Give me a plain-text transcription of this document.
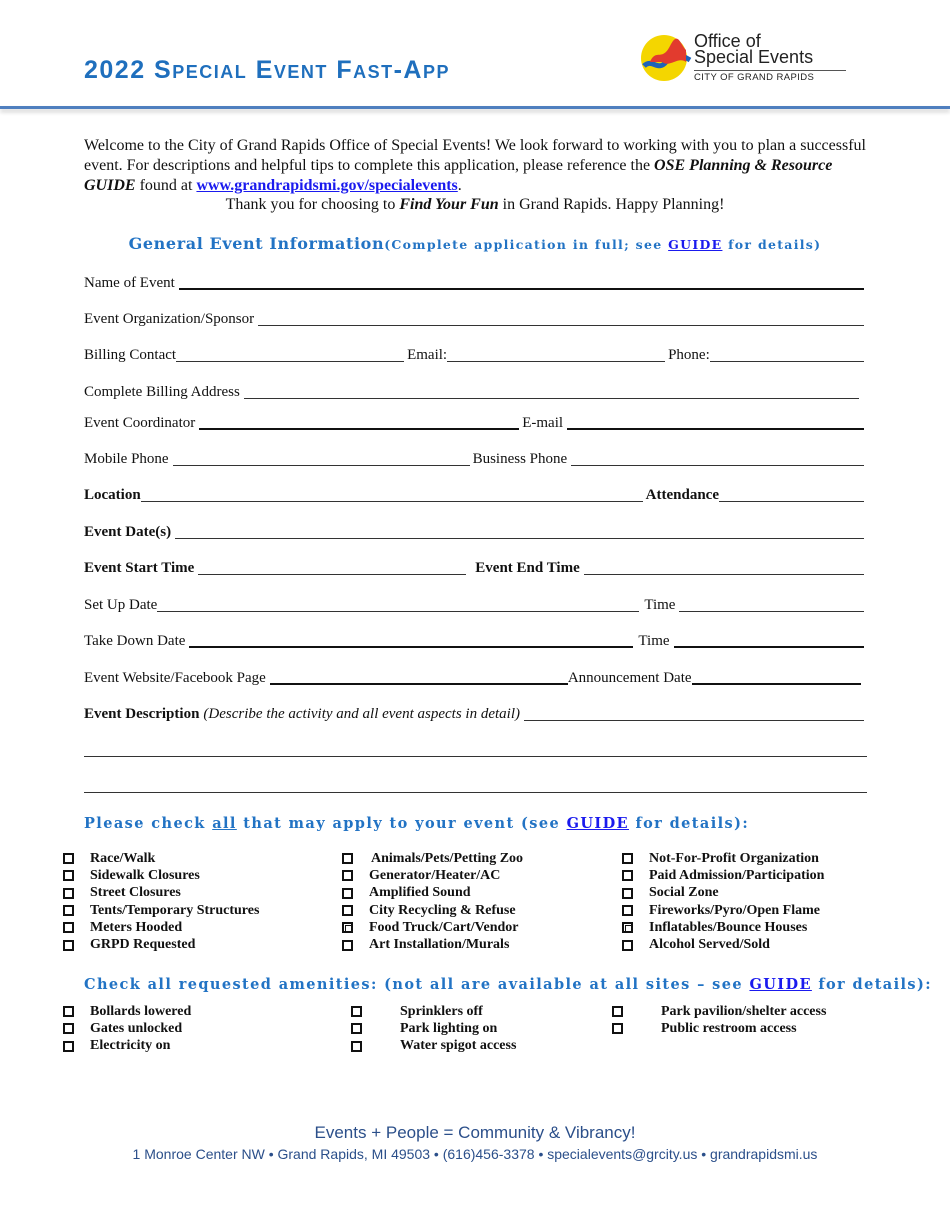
2022 Special Event Fast-App
Office of
Special Events
CITY OF GRAND RAPIDS
Welcome to the City of Grand Rapids Office of Special Events! We look forward to working with you to plan a successful event. For descriptions and helpful tips to complete this application, please reference the OSE Planning & Resource GUIDE found at www.grandrapidsmi.gov/specialevents.
Thank you for choosing to Find Your Fun in Grand Rapids. Happy Planning!
General Event Information(Complete application in full; see GUIDE for details)
Name of Event
Event Organization/Sponsor
Billing Contact	Email:	Phone:
Complete Billing Address
Event Coordinator	E-mail
Mobile Phone	Business Phone
Location	Attendance
Event Date(s)
Event Start Time	Event End Time
Set Up Date	Time
Take Down Date	Time
Event Website/Facebook Page	Announcement Date
Event Description (Describe the activity and all event aspects in detail)
Please check all that may apply to your event (see GUIDE for details):
Race/Walk
Sidewalk Closures
Street Closures
Tents/Temporary Structures
Meters Hooded
GRPD Requested
Animals/Pets/Petting Zoo
Generator/Heater/AC
Amplified Sound
City Recycling & Refuse
Food Truck/Cart/Vendor
Art Installation/Murals
Not-For-Profit Organization
Paid Admission/Participation
Social Zone
Fireworks/Pyro/Open Flame
Inflatables/Bounce Houses
Alcohol Served/Sold
Check all requested amenities: (not all are available at all sites – see GUIDE for details):
Bollards lowered
Gates unlocked
Electricity on
Sprinklers off
Park lighting on
Water spigot access
Park pavilion/shelter access
Public restroom access
Events + People = Community & Vibrancy!
1 Monroe Center NW • Grand Rapids, MI 49503 • (616)456-3378 • specialevents@grcity.us • grandrapidsmi.us
